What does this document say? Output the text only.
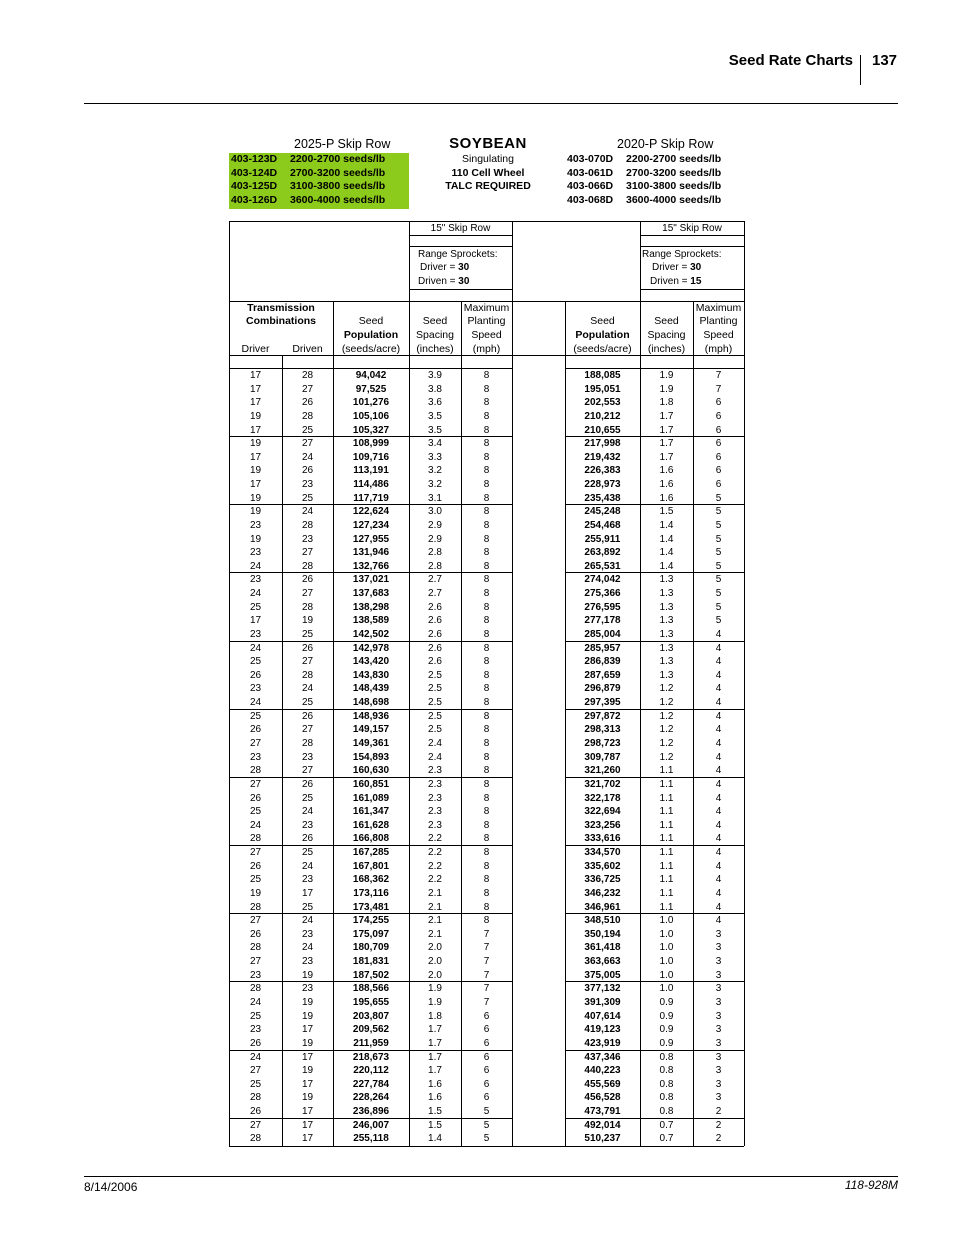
Seed Rate Charts 137
2025-P Skip Row
403-123D 2200-2700 seeds/lb
403-124D 2700-3200 seeds/lb
403-125D 3100-3800 seeds/lb
403-126D 3600-4000 seeds/lb
SOYBEAN
Singulating
110 Cell Wheel
TALC REQUIRED
2020-P Skip Row
403-070D 2200-2700 seeds/lb
403-061D 2700-3200 seeds/lb
403-066D 3100-3800 seeds/lb
403-068D 3600-4000 seeds/lb
15" Skip Row
Range Sprockets:
Driver = 30
Driven = 30
15" Skip Row
Range Sprockets:
Driver = 30
Driven = 15
Transmission
Combinations
Driver	Driven
Seed
Population
(seeds/acre)
Seed
Spacing
(inches)
Maximum
Planting
Speed
(mph)
Seed
Population
(seeds/acre)
Seed
Spacing
(inches)
Maximum
Planting
Speed
(mph)
17	28	94,042	3.9	8	188,085	1.9	7
17	27	97,525	3.8	8	195,051	1.9	7
17	26	101,276	3.6	8	202,553	1.8	6
19	28	105,106	3.5	8	210,212	1.7	6
17	25	105,327	3.5	8	210,655	1.7	6
19	27	108,999	3.4	8	217,998	1.7	6
17	24	109,716	3.3	8	219,432	1.7	6
19	26	113,191	3.2	8	226,383	1.6	6
17	23	114,486	3.2	8	228,973	1.6	6
19	25	117,719	3.1	8	235,438	1.6	5
19	24	122,624	3.0	8	245,248	1.5	5
23	28	127,234	2.9	8	254,468	1.4	5
19	23	127,955	2.9	8	255,911	1.4	5
23	27	131,946	2.8	8	263,892	1.4	5
24	28	132,766	2.8	8	265,531	1.4	5
23	26	137,021	2.7	8	274,042	1.3	5
24	27	137,683	2.7	8	275,366	1.3	5
25	28	138,298	2.6	8	276,595	1.3	5
17	19	138,589	2.6	8	277,178	1.3	5
23	25	142,502	2.6	8	285,004	1.3	4
24	26	142,978	2.6	8	285,957	1.3	4
25	27	143,420	2.6	8	286,839	1.3	4
26	28	143,830	2.5	8	287,659	1.3	4
23	24	148,439	2.5	8	296,879	1.2	4
24	25	148,698	2.5	8	297,395	1.2	4
25	26	148,936	2.5	8	297,872	1.2	4
26	27	149,157	2.5	8	298,313	1.2	4
27	28	149,361	2.4	8	298,723	1.2	4
23	23	154,893	2.4	8	309,787	1.2	4
28	27	160,630	2.3	8	321,260	1.1	4
27	26	160,851	2.3	8	321,702	1.1	4
26	25	161,089	2.3	8	322,178	1.1	4
25	24	161,347	2.3	8	322,694	1.1	4
24	23	161,628	2.3	8	323,256	1.1	4
28	26	166,808	2.2	8	333,616	1.1	4
27	25	167,285	2.2	8	334,570	1.1	4
26	24	167,801	2.2	8	335,602	1.1	4
25	23	168,362	2.2	8	336,725	1.1	4
19	17	173,116	2.1	8	346,232	1.1	4
28	25	173,481	2.1	8	346,961	1.1	4
27	24	174,255	2.1	8	348,510	1.0	4
26	23	175,097	2.1	7	350,194	1.0	3
28	24	180,709	2.0	7	361,418	1.0	3
27	23	181,831	2.0	7	363,663	1.0	3
23	19	187,502	2.0	7	375,005	1.0	3
28	23	188,566	1.9	7	377,132	1.0	3
24	19	195,655	1.9	7	391,309	0.9	3
25	19	203,807	1.8	6	407,614	0.9	3
23	17	209,562	1.7	6	419,123	0.9	3
26	19	211,959	1.7	6	423,919	0.9	3
24	17	218,673	1.7	6	437,346	0.8	3
27	19	220,112	1.7	6	440,223	0.8	3
25	17	227,784	1.6	6	455,569	0.8	3
28	19	228,264	1.6	6	456,528	0.8	3
26	17	236,896	1.5	5	473,791	0.8	2
27	17	246,007	1.5	5	492,014	0.7	2
28	17	255,118	1.4	5	510,237	0.7	2
8/14/2006	118-928M
